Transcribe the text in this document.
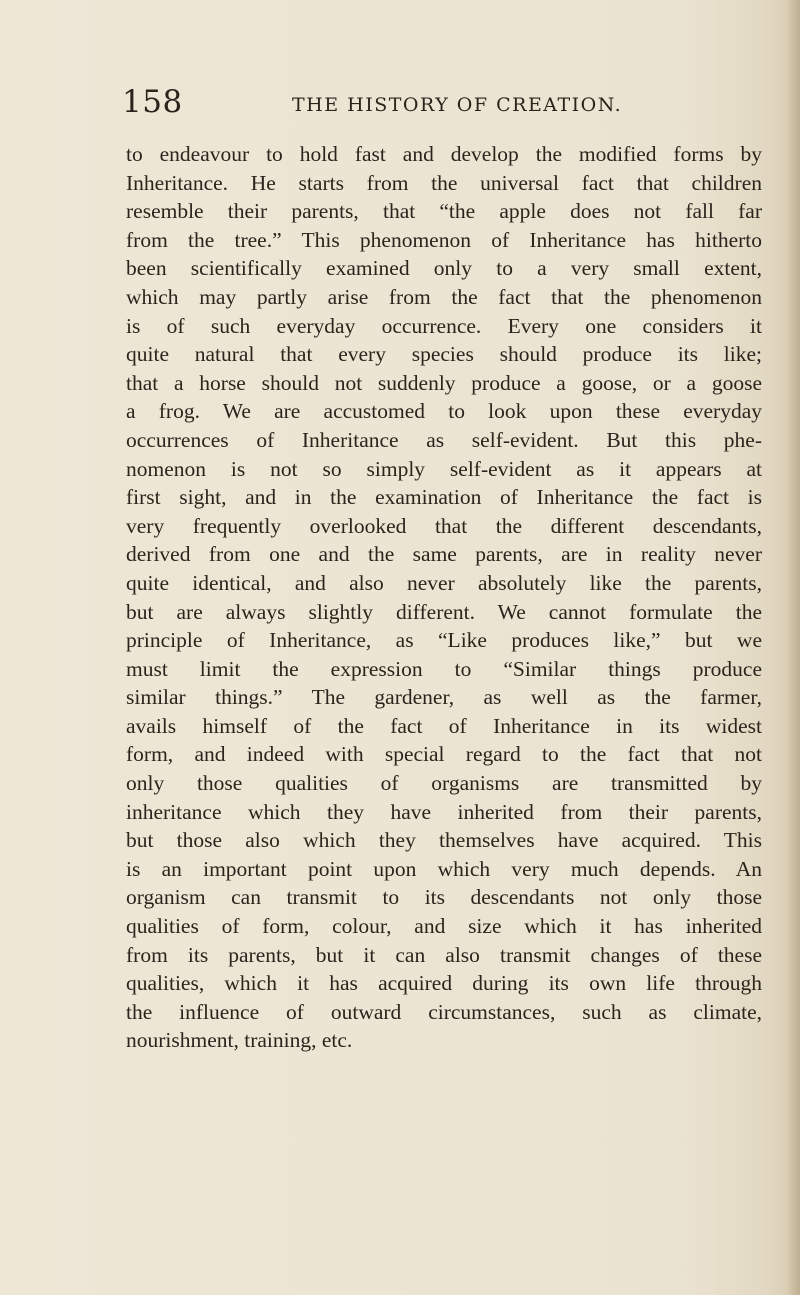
158	THE HISTORY OF CREATION.
to endeavour to hold fast and develop the modified forms by
Inheritance. He starts from the universal fact that children
resemble their parents, that “the apple does not fall far
from the tree.” This phenomenon of Inheritance has hitherto
been scientifically examined only to a very small extent,
which may partly arise from the fact that the phenomenon
is of such everyday occurrence. Every one considers it
quite natural that every species should produce its like;
that a horse should not suddenly produce a goose, or a goose
a frog. We are accustomed to look upon these everyday
occurrences of Inheritance as self-evident. But this phe-
nomenon is not so simply self-evident as it appears at
first sight, and in the examination of Inheritance the fact is
very frequently overlooked that the different descendants,
derived from one and the same parents, are in reality never
quite identical, and also never absolutely like the parents,
but are always slightly different. We cannot formulate the
principle of Inheritance, as “Like produces like,” but we
must limit the expression to “Similar things produce
similar things.” The gardener, as well as the farmer,
avails himself of the fact of Inheritance in its widest
form, and indeed with special regard to the fact that not
only those qualities of organisms are transmitted by
inheritance which they have inherited from their parents,
but those also which they themselves have acquired. This
is an important point upon which very much depends. An
organism can transmit to its descendants not only those
qualities of form, colour, and size which it has inherited
from its parents, but it can also transmit changes of these
qualities, which it has acquired during its own life through
the influence of outward circumstances, such as climate,
nourishment, training, etc.
